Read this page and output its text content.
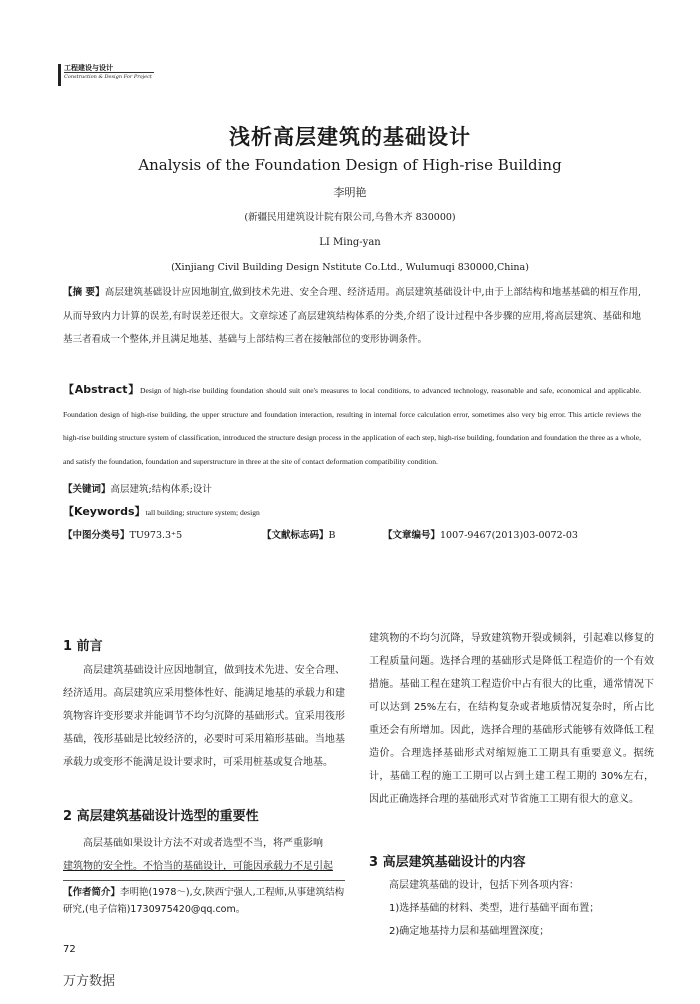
工程建设与设计
Construction & Design For Project
浅析高层建筑的基础设计
Analysis of the Foundation Design of High-rise Building
李明艳
(新疆民用建筑设计院有限公司,乌鲁木齐 830000)
LI Ming-yan
(Xinjiang Civil Building Design Nstitute Co.Ltd., Wulumuqi 830000,China)
【摘 要】高层建筑基础设计应因地制宜,做到技术先进、安全合理、经济适用。高层建筑基础设计中,由于上部结构和地基基础的相互作用,从而导致内力计算的误差,有时误差还很大。文章综述了高层建筑结构体系的分类,介绍了设计过程中各步骤的应用,将高层建筑、基础和地基三者看成一个整体,并且满足地基、基础与上部结构三者在接触部位的变形协调条件。
【Abstract】Design of high-rise building foundation should suit one's measures to local conditions, to advanced technology, reasonable and safe, economical and applicable. Foundation design of high-rise building, the upper structure and foundation interaction, resulting in internal force calculation error, sometimes also very big error. This article reviews the high-rise building structure system of classification, introduced the structure design process in the application of each step, high-rise building, foundation and foundation the three as a whole, and satisfy the foundation, foundation and superstructure in three at the site of contact deformation compatibility condition.
【关键词】高层建筑;结构体系;设计
【Keywords】tall building; structure system; design
【中图分类号】TU973.3⁺5	【文献标志码】B	【文章编号】1007-9467(2013)03-0072-03
1 前言
高层建筑基础设计应因地制宜，做到技术先进、安全合理、经济适用。高层建筑应采用整体性好、能满足地基的承载力和建筑物容许变形要求并能调节不均匀沉降的基础形式。宜采用筏形基础，筏形基础是比较经济的，必要时可采用箱形基础。当地基承载力或变形不能满足设计要求时，可采用桩基或复合地基。
2 高层建筑基础设计选型的重要性
高层基础如果设计方法不对或者选型不当，将严重影响
【作者简介】李明艳(1978～),女,陕西宁强人,工程师,从事建筑结构研究,(电子信箱)1730975420@qq.com。
建筑物的不均匀沉降，导致建筑物开裂或倾斜，引起难以修复的工程质量问题。选择合理的基础形式是降低工程造价的一个有效措施。基础工程在建筑工程造价中占有很大的比重，通常情况下可以达到 25%左右，在结构复杂或者地质情况复杂时，所占比重还会有所增加。因此，选择合理的基础形式能够有效降低工程造价。合理选择基础形式对缩短施工工期具有重要意义。据统计，基础工程的施工工期可以占到土建工程工期的 30%左右，因此正确选择合理的基础形式对节省施工工期有很大的意义。
3 高层建筑基础设计的内容
高层建筑基础的设计，包括下列各项内容：
1)选择基础的材料、类型，进行基础平面布置；
2)确定地基持力层和基础埋置深度；
建筑物的安全性。不恰当的基础设计，可能因承载力不足引起
72
万方数据
